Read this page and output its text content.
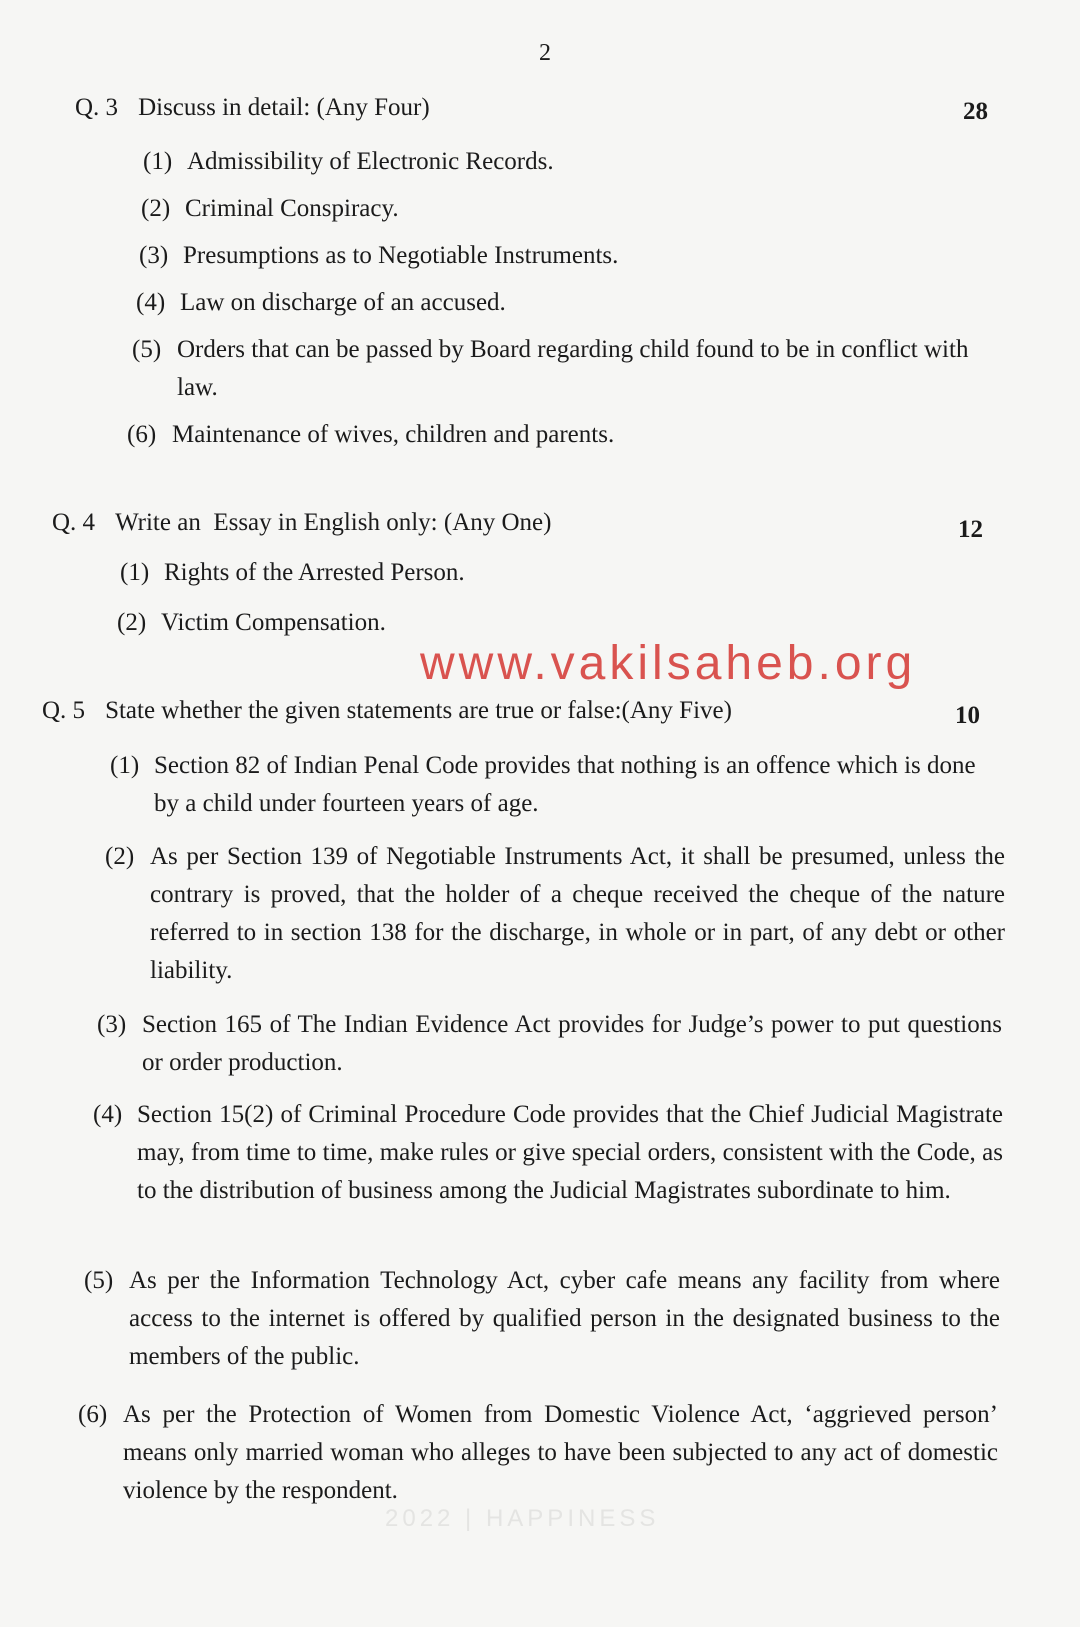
2
Q. 3 Discuss in detail: (Any Four)	28
(1) Admissibility of Electronic Records.
(2) Criminal Conspiracy.
(3) Presumptions as to Negotiable Instruments.
(4) Law on discharge of an accused.
(5) Orders that can be passed by Board regarding child found to be in conflict with law.
(6) Maintenance of wives, children and parents.
Q. 4 Write an  Essay in English only: (Any One)	12
(1) Rights of the Arrested Person.
(2) Victim Compensation.
www.vakilsaheb.org
Q. 5 State whether the given statements are true or false:(Any Five)	10
(1) Section 82 of Indian Penal Code provides that nothing is an offence which is done by a child under fourteen years of age.
(2) As per Section 139 of Negotiable Instruments Act, it shall be presumed, unless the contrary is proved, that the holder of a cheque received the cheque of the nature referred to in section 138 for the discharge, in whole or in part, of any debt or other liability.
(3) Section 165 of The Indian Evidence Act provides for Judge’s power to put questions or order production.
(4) Section 15(2) of Criminal Procedure Code provides that the Chief Judicial Magistrate may, from time to time, make rules or give special orders, consistent with the Code, as to the distribution of business among the Judicial Magistrates subordinate to him.
(5) As per the Information Technology Act, cyber cafe means any facility from where access to the internet is offered by qualified person in the designated business to the members of the public.
(6) As per the Protection of Women from Domestic Violence Act, ‘aggrieved person’ means only married woman who alleges to have been subjected to any act of domestic violence by the respondent.
2022 | HAPPINESS
